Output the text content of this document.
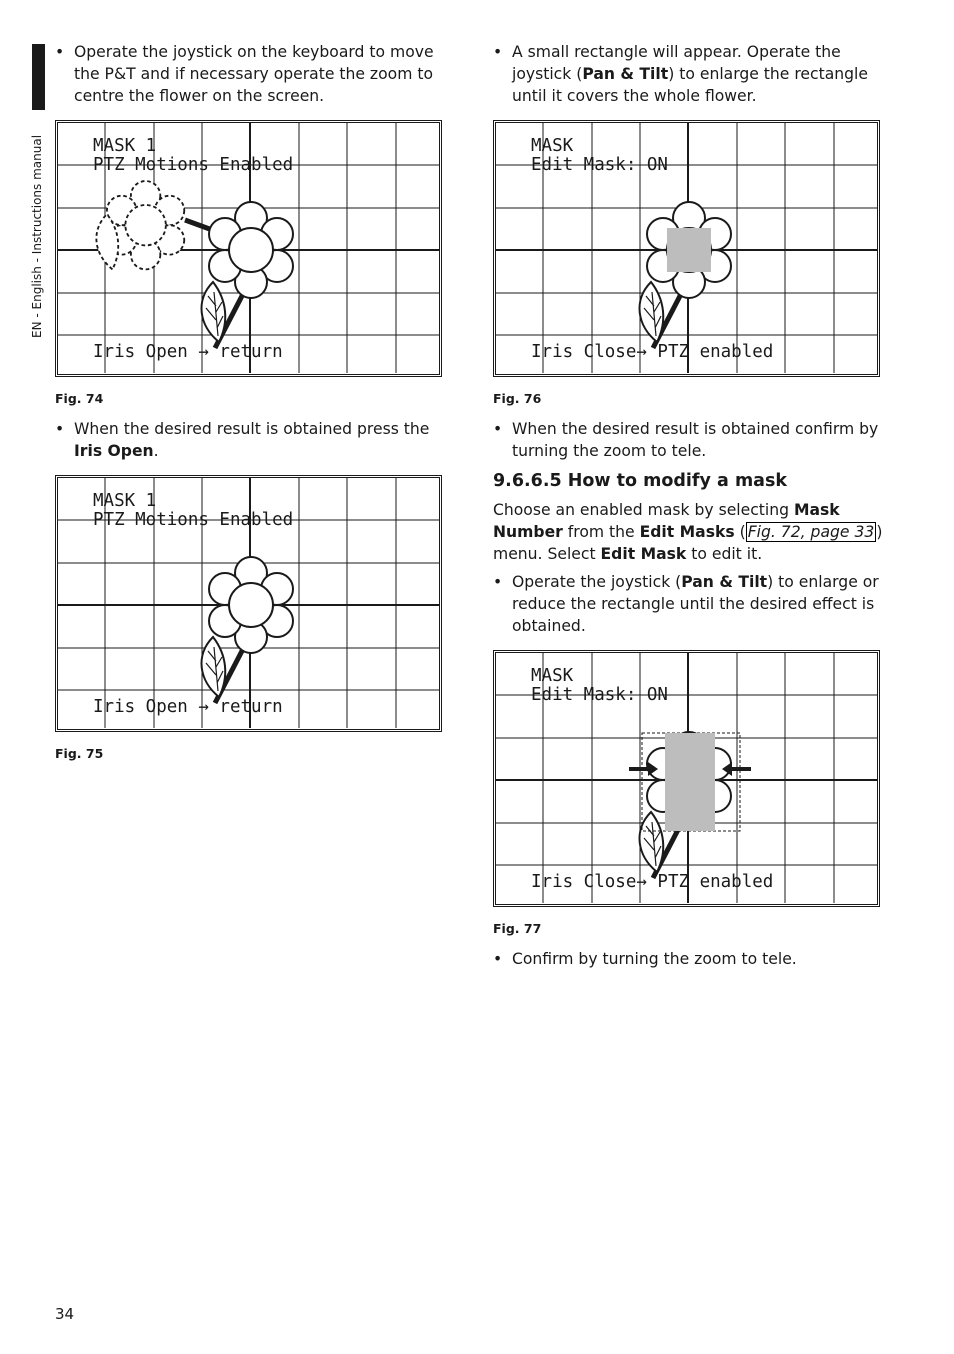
EN - English - Instructions manual
• Operate the joystick on the keyboard to move the P&T and if necessary operate the zoom to centre the flower on the screen.
MASK 1
PTZ Motions Enabled
Iris Open → return
Fig. 74
• When the desired result is obtained press the Iris Open.
MASK 1
PTZ Motions Enabled
Iris Open → return
Fig. 75
• A small rectangle will appear. Operate the joystick (Pan & Tilt) to enlarge the rectangle until it covers the whole flower.
MASK
Edit Mask: ON
Iris Close→ PTZ enabled
Fig. 76
• When the desired result is obtained confirm by turning the zoom to tele.
9.6.6.5 How to modify a mask
Choose an enabled mask by selecting Mask Number from the Edit Masks ( Fig. 72, page 33 ) menu. Select Edit Mask to edit it.
• Operate the joystick (Pan & Tilt) to enlarge or reduce the rectangle until the desired effect is obtained.
MASK
Edit Mask: ON
Iris Close→ PTZ enabled
Fig. 77
• Confirm by turning the zoom to tele.
34
